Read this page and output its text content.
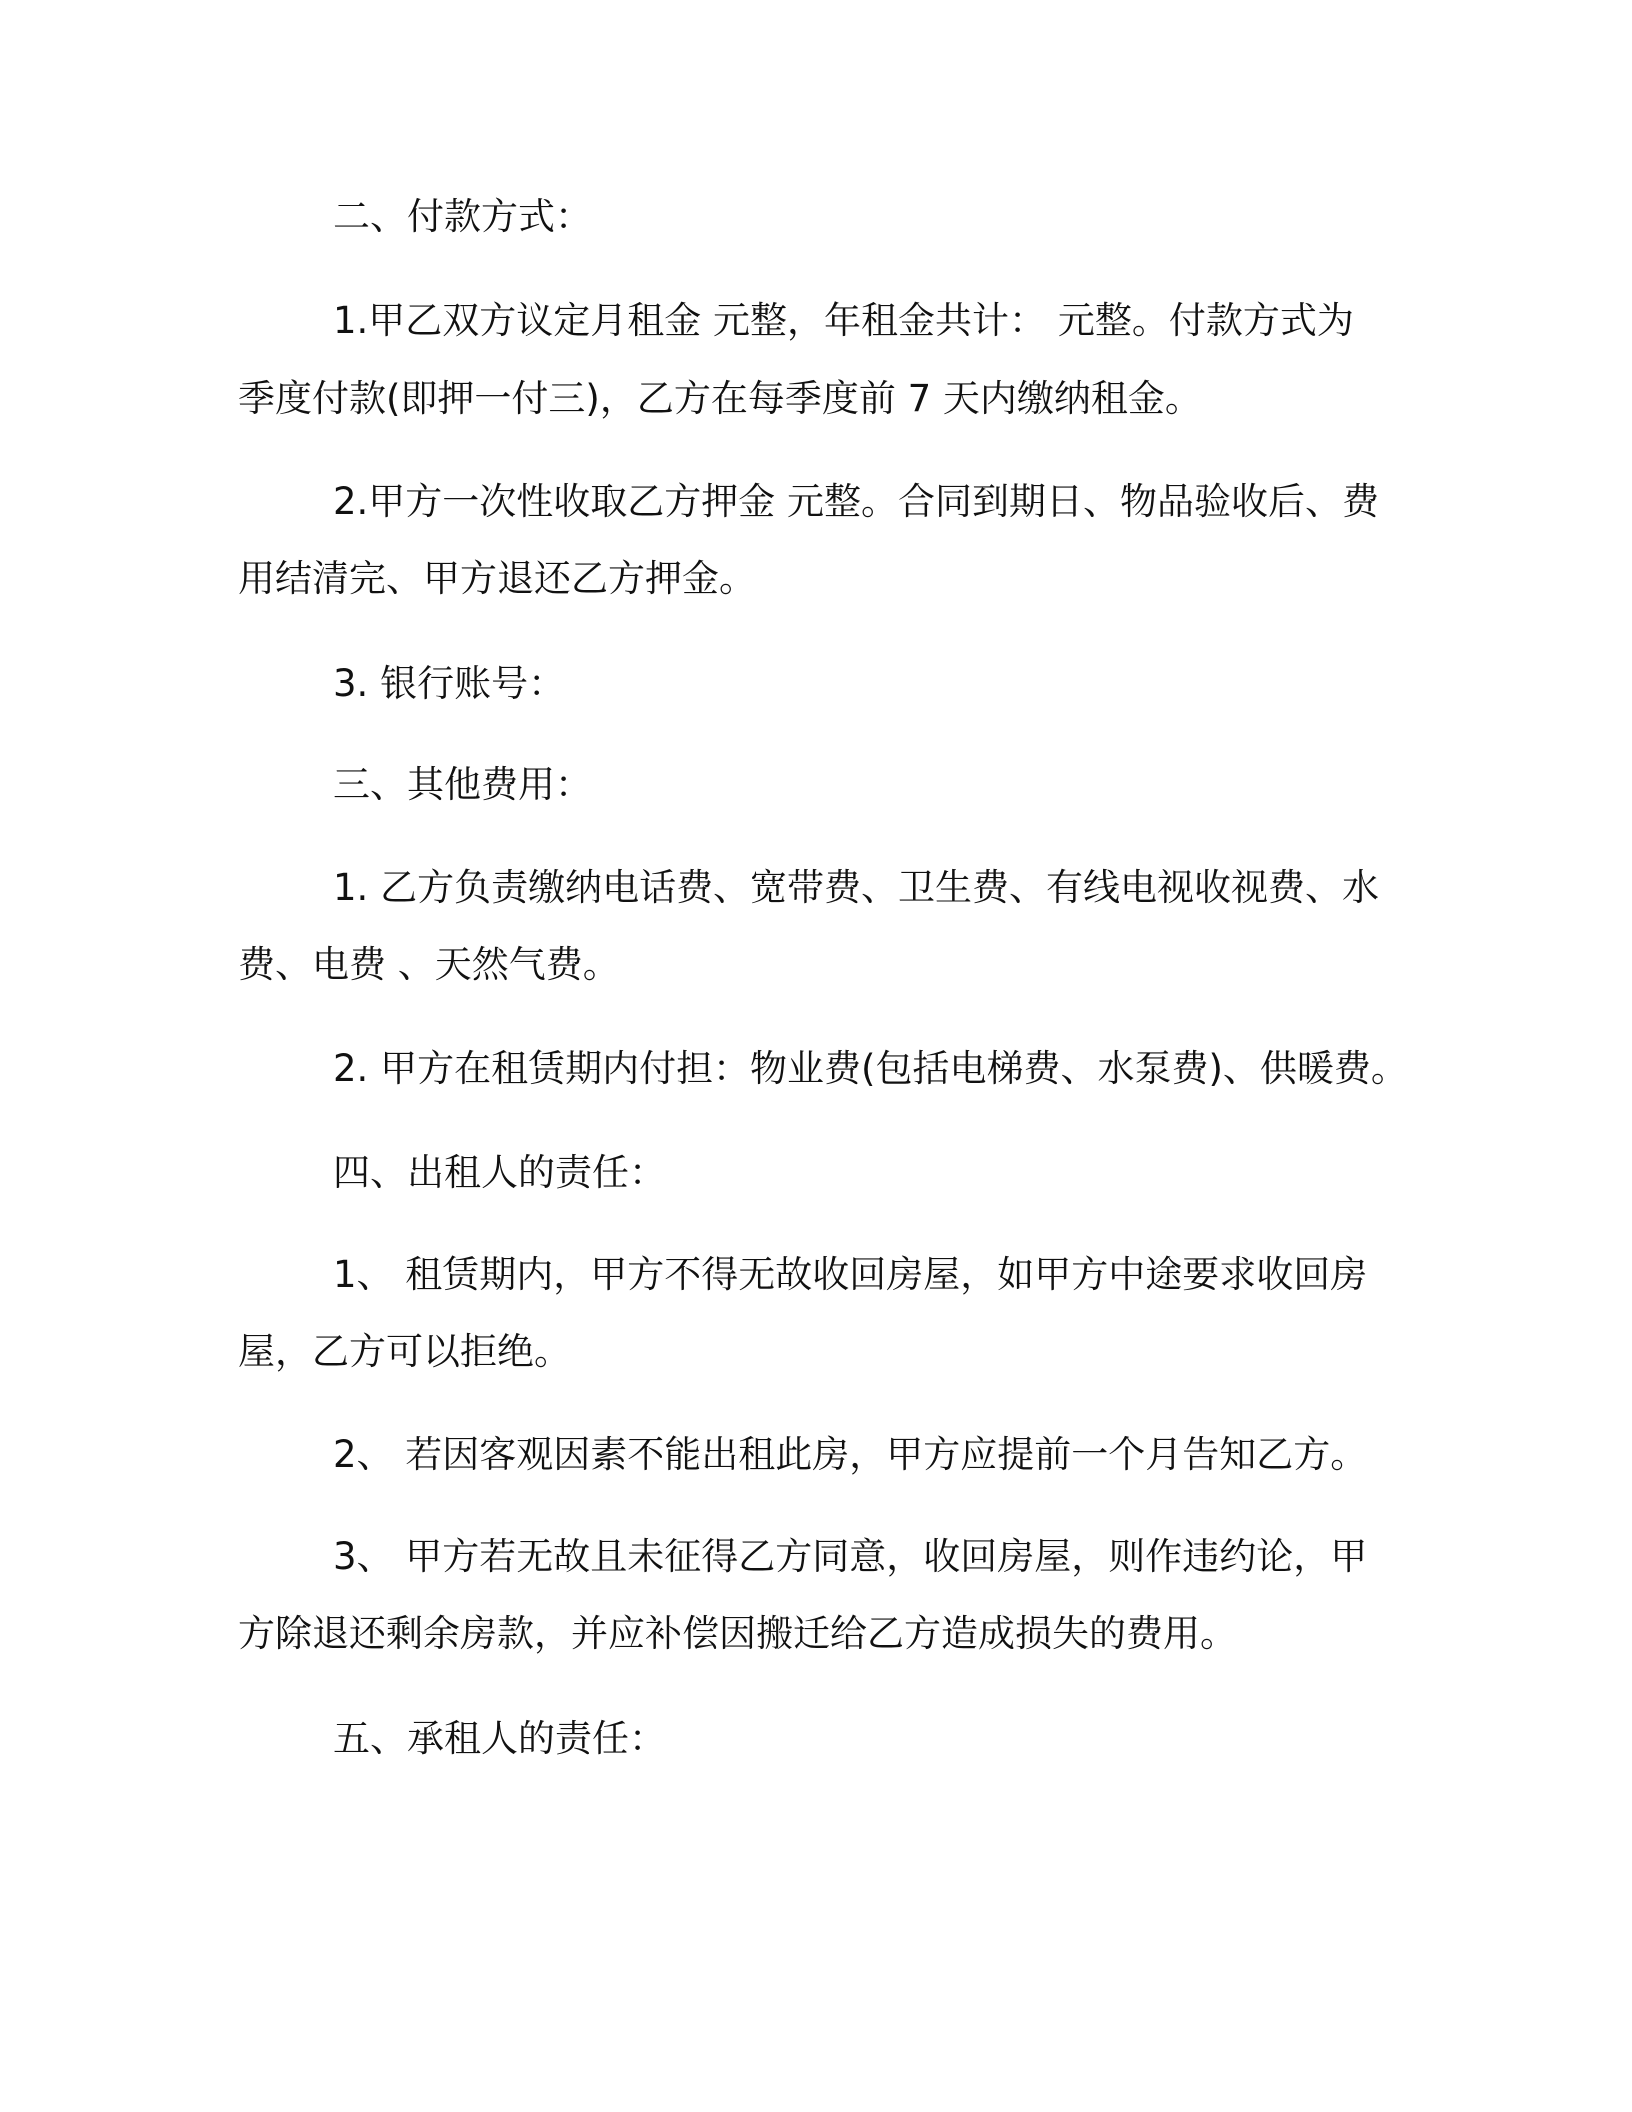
二、付款方式：

1.甲乙双方议定月租金 元整，年租金共计： 元整。付款方式为

季度付款(即押一付三)，乙方在每季度前 7 天内缴纳租金。

2.甲方一次性收取乙方押金 元整。合同到期日、物品验收后、费

用结清完、甲方退还乙方押金。

3. 银行账号：

三、其他费用：

1. 乙方负责缴纳电话费、宽带费、卫生费、有线电视收视费、水

费、电费 、天然气费。

2. 甲方在租赁期内付担：物业费(包括电梯费、水泵费)、供暖费。

四、出租人的责任：

1、 租赁期内，甲方不得无故收回房屋，如甲方中途要求收回房

屋，乙方可以拒绝。

2、 若因客观因素不能出租此房，甲方应提前一个月告知乙方。

3、 甲方若无故且未征得乙方同意，收回房屋，则作违约论，甲

方除退还剩余房款，并应补偿因搬迁给乙方造成损失的费用。

五、承租人的责任：
